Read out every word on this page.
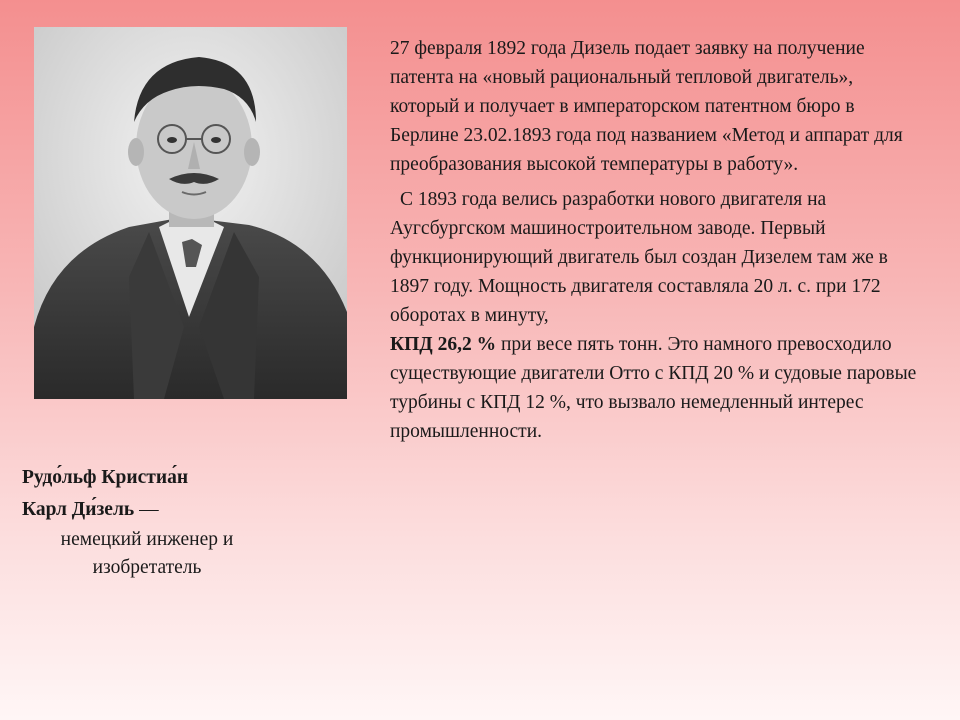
Рудо́льф Кристиа́н
Карл Ди́зель —
немецкий инженер и изобретатель

27 февраля 1892 года Дизель подает заявку на получение патента на «новый рациональный тепловой двигатель», который и получает в императорском патентном бюро в Берлине 23.02.1893 года под названием «Метод и аппарат для преобразования высокой температуры в работу».

С 1893 года велись разработки нового двигателя на Аугсбургском машиностроительном заводе. Первый функционирующий двигатель был создан Дизелем там же в 1897 году. Мощность двигателя составляла 20 л. с. при 172 оборотах в минуту,
КПД 26,2 % при весе пять тонн. Это намного превосходило существующие двигатели Отто с КПД 20 % и судовые паровые турбины с КПД 12 %, что вызвало немедленный интерес промышленности.
